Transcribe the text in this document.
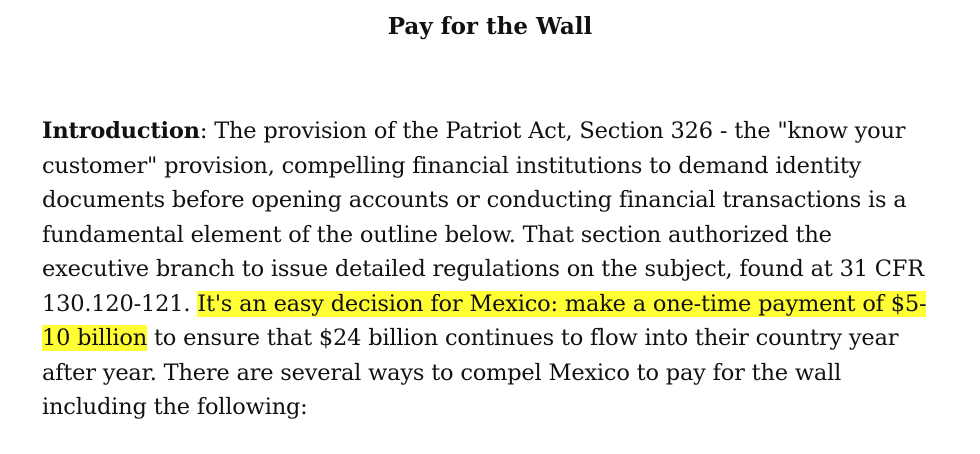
Pay for the Wall

Introduction: The provision of the Patriot Act, Section 326 - the "know your customer" provision, compelling financial institutions to demand identity documents before opening accounts or conducting financial transactions is a fundamental element of the outline below. That section authorized the executive branch to issue detailed regulations on the subject, found at 31 CFR 130.120-121. It's an easy decision for Mexico: make a one-time payment of $5-10 billion to ensure that $24 billion continues to flow into their country year after year. There are several ways to compel Mexico to pay for the wall including the following:
